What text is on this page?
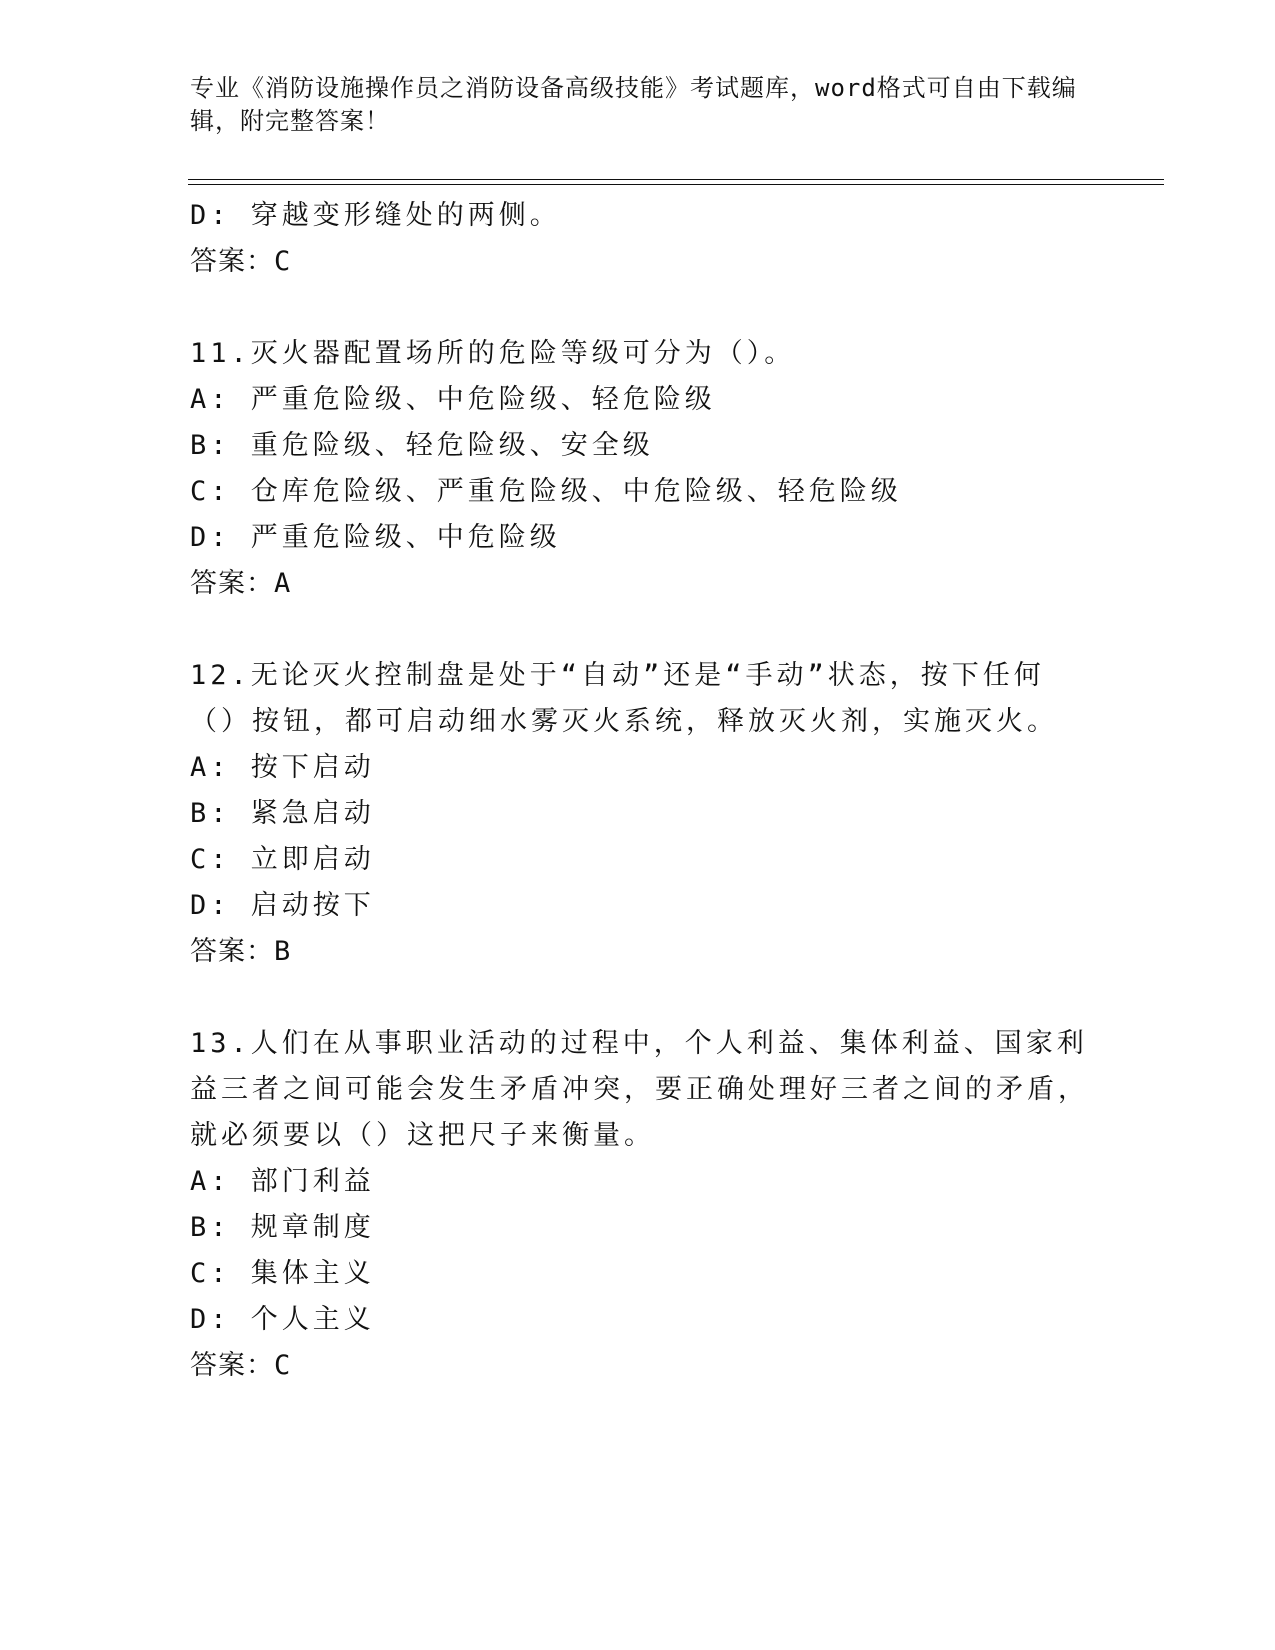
专业《消防设施操作员之消防设备高级技能》考试题库，word格式可自由下载编辑，附完整答案！
D: 穿越变形缝处的两侧。
答案：C
11.灭火器配置场所的危险等级可分为（）。
A: 严重危险级、中危险级、轻危险级
B: 重危险级、轻危险级、安全级
C: 仓库危险级、严重危险级、中危险级、轻危险级
D: 严重危险级、中危险级
答案：A
12.无论灭火控制盘是处于“自动”还是“手动”状态，按下任何（）按钮，都可启动细水雾灭火系统，释放灭火剂，实施灭火。
A: 按下启动
B: 紧急启动
C: 立即启动
D: 启动按下
答案：B
13.人们在从事职业活动的过程中，个人利益、集体利益、国家利益三者之间可能会发生矛盾冲突，要正确处理好三者之间的矛盾，就必须要以（）这把尺子来衡量。
A: 部门利益
B: 规章制度
C: 集体主义
D: 个人主义
答案：C
